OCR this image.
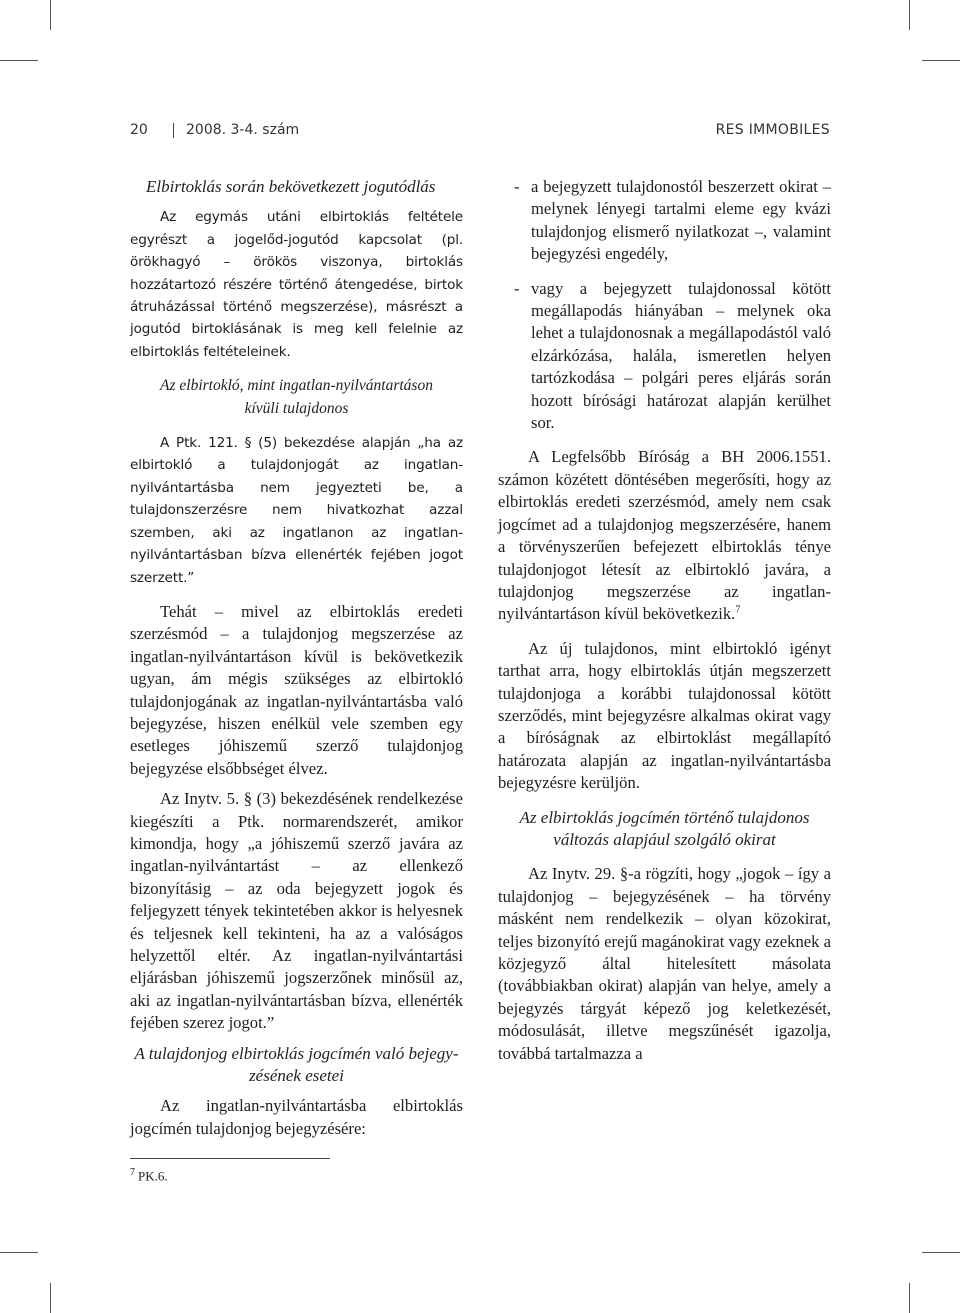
20	2008. 3-4. szám	RES IMMOBILES

Elbirtoklás során bekövetkezett jogutódlás

Az egymás utáni elbirtoklás feltétele egyrészt a jogelőd-jogutód kapcsolat (pl. örökhagyó – örökös viszonya, birtoklás hozzátartozó részére történő átengedése, birtok átruházással történő megszerzése), másrészt a jogutód birtoklásának is meg kell felelnie az elbirtoklás feltételeinek.

Az elbirtokló, mint ingatlan-nyilvántartáson
kívüli tulajdonos

A Ptk. 121. § (5) bekezdése alapján „ha az elbirtokló a tulajdonjogát az ingatlan-nyilvántartásba nem jegyezteti be, a tulajdonszerzésre nem hivatkozhat azzal szemben, aki az ingatlanon az ingatlan-nyilvántartásban bízva ellenérték fejében jogot szerzett.”

Tehát – mivel az elbirtoklás eredeti szerzésmód – a tulajdonjog megszerzése az ingatlan-nyilvántartáson kívül is bekövetkezik ugyan, ám mégis szükséges az elbirtokló tulajdonjogának az ingatlan-nyilvántartásba való bejegyzése, hiszen enélkül vele szemben egy esetleges jóhiszemű szerző tulajdonjog bejegyzése elsőbbséget élvez.

Az Inytv. 5. § (3) bekezdésének rendelkezése kiegészíti a Ptk. normarendszerét, amikor kimondja, hogy „a jóhiszemű szerző javára az ingatlan-nyilvántartást – az ellenkező bizonyításig – az oda bejegyzett jogok és feljegyzett tények tekintetében akkor is helyesnek és teljesnek kell tekinteni, ha az a valóságos helyzettől eltér. Az ingatlan-nyilvántartási eljárásban jóhiszemű jogszerzőnek minősül az, aki az ingatlan-nyilvántartásban bízva, ellenérték fejében szerez jogot.”

A tulajdonjog elbirtoklás jogcímén való bejegy-
zésének esetei

Az ingatlan-nyilvántartásba elbirtoklás jogcímén tulajdonjog bejegyzésére:

- a bejegyzett tulajdonostól beszerzett okirat – melynek lényegi tartalmi eleme egy kvázi tulajdonjog elismerő nyilatkozat –, valamint bejegyzési engedély,

- vagy a bejegyzett tulajdonossal kötött megállapodás hiányában – melynek oka lehet a tulajdonosnak a megállapodástól való elzárkózása, halála, ismeretlen helyen tartózkodása – polgári peres eljárás során hozott bírósági határozat alapján kerülhet sor.

A Legfelsőbb Bíróság a BH 2006.1551. számon közétett döntésében megerősíti, hogy az elbirtoklás eredeti szerzésmód, amely nem csak jogcímet ad a tulajdonjog megszerzésére, hanem a törvényszerűen befejezett elbirtoklás ténye tulajdonjogot létesít az elbirtokló javára, a tulajdonjog megszerzése az ingatlan-nyilvántartáson kívül bekövetkezik.$^7$

Az új tulajdonos, mint elbirtokló igényt tarthat arra, hogy elbirtoklás útján megszerzett tulajdonjoga a korábbi tulajdonossal kötött szerződés, mint bejegyzésre alkalmas okirat vagy a bíróságnak az elbirtoklást megállapító határozata alapján az ingatlan-nyilvántartásba bejegyzésre kerüljön.

Az elbirtoklás jogcímén történő tulajdonos
változás alapjául szolgáló okirat

Az Inytv. 29. §-a rögzíti, hogy „jogok – így a tulajdonjog – bejegyzésének – ha törvény másként nem rendelkezik – olyan közokirat, teljes bizonyító erejű magánokirat vagy ezeknek a közjegyző által hitelesített másolata (továbbiakban okirat) alapján van helye, amely a bejegyzés tárgyát képező jog keletkezését, módosulását, illetve megszűnését igazolja, továbbá tartalmazza a

$^7$ PK.6.
